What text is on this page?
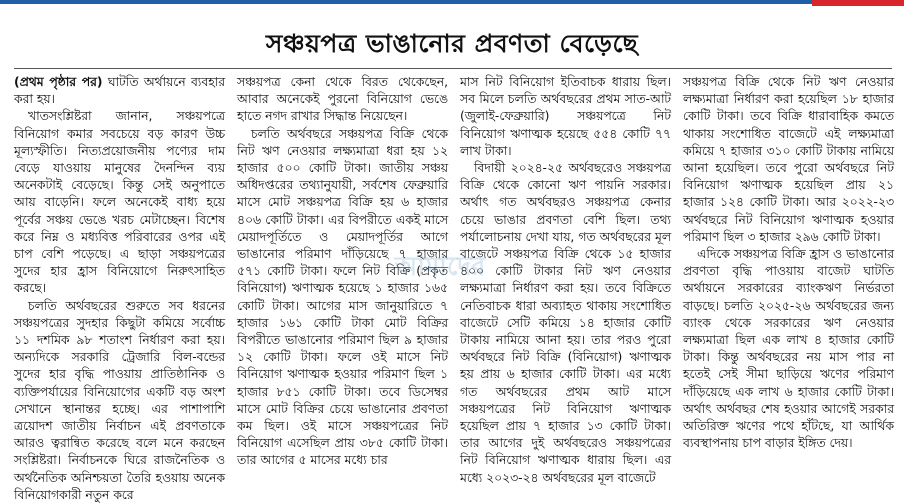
সঞ্চয়পত্র ভাঙানোর প্রবণতা বেড়েছে

(প্রথম পৃষ্ঠার পর) ঘাটতি অর্থায়নে ব্যবহার করা হয়।

খাতসংশ্লিষ্টরা জানান, সঞ্চয়পত্রে বিনিয়োগ কমার সবচেয়ে বড় কারণ উচ্চ মূল্যস্ফীতি। নিত্যপ্রয়োজনীয় পণ্যের দাম বেড়ে যাওয়ায় মানুষের দৈনন্দিন ব্যয় অনেকটাই বেড়েছে। কিন্তু সেই অনুপাতে আয় বাড়েনি। ফলে অনেকেই বাধ্য হয়ে পূর্বের সঞ্চয় ভেঙে খরচ মেটাচ্ছেন। বিশেষ করে নিম্ন ও মধ্যবিত্ত পরিবারের ওপর এই চাপ বেশি পড়েছে। এ ছাড়া সঞ্চয়পত্রের সুদের হার হ্রাস বিনিয়োগে নিরুৎসাহিত করছে।

চলতি অর্থবছরের শুরুতে সব ধরনের সঞ্চয়পত্রের সুদহার কিছুটা কমিয়ে সর্বোচ্চ ১১ দশমিক ৯৮ শতাংশ নির্ধারণ করা হয়। অন্যদিকে সরকারি ট্রেজারি বিল-বন্ডের সুদের হার বৃদ্ধি পাওয়ায় প্রাতিষ্ঠানিক ও ব্যক্তিপর্যায়ের বিনিয়োগের একটি বড় অংশ সেখানে স্থানান্তর হচ্ছে। এর পাশাপাশি ত্রয়োদশ জাতীয় নির্বাচন এই প্রবণতাকে আরও ত্বরান্বিত করেছে বলে মনে করছেন সংশ্লিষ্টরা। নির্বাচনকে ঘিরে রাজনৈতিক ও অর্থনৈতিক অনিশ্চয়তা তৈরি হওয়ায় অনেক বিনিয়োগকারী নতুন করে

সঞ্চয়পত্র কেনা থেকে বিরত থেকেছেন, আবার অনেকেই পুরনো বিনিয়োগ ভেঙে হাতে নগদ রাখার সিদ্ধান্ত নিয়েছেন।

চলতি অর্থবছরে সঞ্চয়পত্র বিক্রি থেকে নিট ঋণ নেওয়ার লক্ষ্যমাত্রা ধরা হয় ১২ হাজার ৫০০ কোটি টাকা। জাতীয় সঞ্চয় অধিদপ্তরের তথ্যানুযায়ী, সর্বশেষ ফেব্রুয়ারি মাসে মোট সঞ্চয়পত্র বিক্রি হয় ৬ হাজার ৪০৬ কোটি টাকা। এর বিপরীতে একই মাসে মেয়াদপূর্তিতে ও মেয়াদপূর্তির আগে ভাঙানোর পরিমাণ দাঁড়িয়েছে ৭ হাজার ৫৭১ কোটি টাকা। ফলে নিট বিক্রি (প্রকৃত বিনিয়োগ) ঋণাত্মক হয়েছে ১ হাজার ১৬৫ কোটি টাকা। আগের মাস জানুয়ারিতে ৭ হাজার ১৬১ কোটি টাকা মোট বিক্রির বিপরীতে ভাঙানোর পরিমাণ ছিল ৯ হাজার ১২ কোটি টাকা। ফলে ওই মাসে নিট বিনিয়োগ ঋণাত্মক হওয়ার পরিমাণ ছিল ১ হাজার ৮৫১ কোটি টাকা। তবে ডিসেম্বর মাসে মোট বিক্রির চেয়ে ভাঙানোর প্রবণতা কম ছিল। ওই মাসে সঞ্চয়পত্রের নিট বিনিয়োগ এসেছিল প্রায় ৩৮৫ কোটি টাকা। তার আগের ৫ মাসের মধ্যে চার

মাস নিট বিনিয়োগ ইতিবাচক ধারায় ছিল। সব মিলে চলতি অর্থবছরের প্রথম সাত-আট (জুলাই-ফেব্রুয়ারি) সঞ্চয়পত্রে নিট বিনিয়োগ ঋণাত্মক হয়েছে ৫৫৪ কোটি ৭৭ লাখ টাকা।

বিদায়ী ২০২৪-২৫ অর্থবছরেও সঞ্চয়পত্র বিক্রি থেকে কোনো ঋণ পায়নি সরকার। অর্থাৎ গত অর্থবছরও সঞ্চয়পত্র কেনার চেয়ে ভাঙার প্রবণতা বেশি ছিল। তথ্য পর্যালোচনায় দেখা যায়, গত অর্থবছরের মূল বাজেটে সঞ্চয়পত্র বিক্রি থেকে ১৫ হাজার ৪০০ কোটি টাকার নিট ঋণ নেওয়ার লক্ষ্যমাত্রা নির্ধারণ করা হয়। তবে বিক্রিতে নেতিবাচক ধারা অব্যাহত থাকায় সংশোধিত বাজেটে সেটি কমিয়ে ১৪ হাজার কোটি টাকায় নামিয়ে আনা হয়। তার পরও পুরো অর্থবছরে নিট বিক্রি (বিনিয়োগ) ঋণাত্মক হয় প্রায় ৬ হাজার কোটি টাকা। এর মধ্যে গত অর্থবছরের প্রথম আট মাসে সঞ্চয়পত্রের নিট বিনিয়োগ ঋণাত্মক হয়েছিল প্রায় ৭ হাজার ১৩ কোটি টাকা। তার আগের দুই অর্থবছরেও সঞ্চয়পত্রের নিট বিনিয়োগ ঋণাত্মক ধারায় ছিল। এর মধ্যে ২০২৩-২৪ অর্থবছরের মূল বাজেটে

সঞ্চয়পত্র বিক্রি থেকে নিট ঋণ নেওয়ার লক্ষ্যমাত্রা নির্ধারণ করা হয়েছিল ১৮ হাজার কোটি টাকা। তবে বিক্রি ধারাবাহিক কমতে থাকায় সংশোধিত বাজেটে এই লক্ষ্যমাত্রা কমিয়ে ৭ হাজার ৩১০ কোটি টাকায় নামিয়ে আনা হয়েছিল। তবে পুরো অর্থবছরে নিট বিনিয়োগ ঋণাত্মক হয়েছিল প্রায় ২১ হাজার ১২৪ কোটি টাকা। আর ২০২২-২৩ অর্থবছরে নিট বিনিয়োগ ঋণাত্মক হওয়ার পরিমাণ ছিল ৩ হাজার ২৯৬ কোটি টাকা।

এদিকে সঞ্চয়পত্র বিক্রি হ্রাস ও ভাঙানোর প্রবণতা বৃদ্ধি পাওয়ায় বাজেট ঘাটতি অর্থায়নে সরকারের ব্যাংকঋণ নির্ভরতা বাড়ছে। চলতি ২০২৫-২৬ অর্থবছরের জন্য ব্যাংক থেকে সরকারের ঋণ নেওয়ার লক্ষ্যমাত্রা ছিল এক লাখ ৪ হাজার কোটি টাকা। কিন্তু অর্থবছরের নয় মাস পার না হতেই সেই সীমা ছাড়িয়ে ঋণের পরিমাণ দাঁড়িয়েছে এক লাখ ৬ হাজার কোটি টাকা। অর্থাৎ অর্থবছর শেষ হওয়ার আগেই সরকার অতিরিক্ত ঋণের পথে হাঁটছে, যা আর্থিক ব্যবস্থাপনায় চাপ বাড়ার ইঙ্গিত দেয়।

আমাদের
